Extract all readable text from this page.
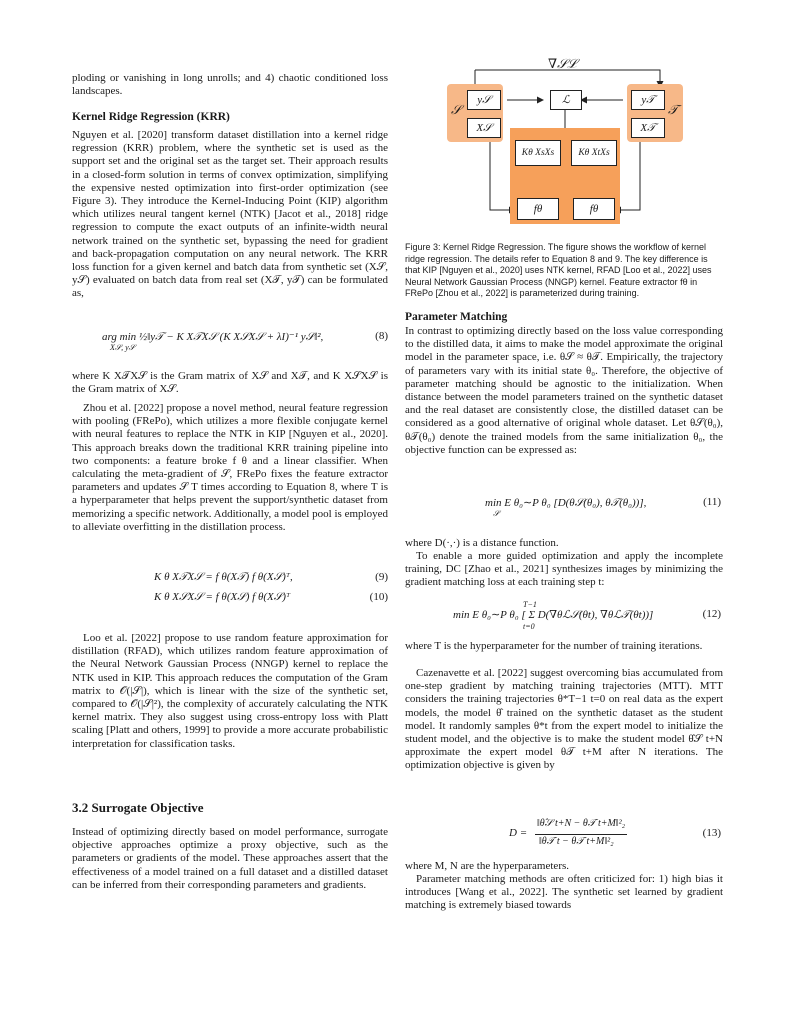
ploding or vanishing in long unrolls; and 4) chaotic conditioned loss landscapes.

Kernel Ridge Regression (KRR)

Nguyen et al. [2020] transform dataset distillation into a kernel ridge regression (KRR) problem, where the synthetic set is used as the support set and the original set as the target set. Their approach results in a closed-form solution in terms of convex optimization, simplifying the expensive nested optimization into first-order optimization (see Figure 3). They introduce the Kernel-Inducing Point (KIP) algorithm which utilizes neural tangent kernel (NTK) [Jacot et al., 2018] ridge regression to compute the exact outputs of an infinite-width neural network trained on the synthetic set, bypassing the need for gradient and back-propagation computation on any neural network. The KRR loss function for a given kernel and batch data from synthetic set (X𝒮, y𝒮) evaluated on batch data from real set (X𝒯, y𝒯) can be formulated as,

arg min ½‖y𝒯 − K X𝒯X𝒮 (K X𝒮X𝒮 + λI)⁻¹ y𝒮‖²,
X𝒮, y𝒮
(8)

where K X𝒯X𝒮 is the Gram matrix of X𝒮 and X𝒯, and K X𝒮X𝒮 is the Gram matrix of X𝒮.

Zhou et al. [2022] propose a novel method, neural feature regression with pooling (FRePo), which utilizes a more flexible conjugate kernel with neural features to replace the NTK in KIP [Nguyen et al., 2020]. This approach breaks down the traditional KRR training pipeline into two components: a feature broke f θ and a linear classifier. When calculating the meta-gradient of 𝒮, FRePo fixes the feature extractor parameters and updates 𝒮 T times according to Equation 8, where T is a hyperparameter that helps prevent the support/synthetic dataset from memorizing a specific network. Additionally, a model pool is employed to alleviate overfitting in the distillation process.

K θ X𝒯X𝒮 = f θ(X𝒯) f θ(X𝒮)ᵀ,	(9)
K θ X𝒮X𝒮 = f θ(X𝒮) f θ(X𝒮)ᵀ	(10)

Loo et al. [2022] propose to use random feature approximation for distillation (RFAD), which utilizes random feature approximation of the Neural Network Gaussian Process (NNGP) kernel to replace the NTK used in KIP. This approach reduces the computation of the Gram matrix to 𝒪(|𝒮|), which is linear with the size of the synthetic set, compared to 𝒪(|𝒮|²), the complexity of accurately calculating the NTK kernel matrix. They also suggest using cross-entropy loss with Platt scaling [Platt and others, 1999] to provide a more accurate probabilistic interpretation for classification tasks.

3.2 Surrogate Objective

Instead of optimizing directly based on model performance, surrogate objective approaches optimize a proxy objective, such as the parameters or gradients of the model. These approaches assert that the effectiveness of a model trained on a full dataset and a distilled dataset can be inferred from their corresponding parameters and gradients.

∇𝒮ℒ
y𝒮
X𝒮
y𝒯
X𝒯
𝒮	𝒯
ℒ
Kθ XsXs	Kθ XtXs
fθ	fθ

Figure 3: Kernel Ridge Regression. The figure shows the workflow of kernel ridge regression. The details refer to Equation 8 and 9. The key difference is that KIP [Nguyen et al., 2020] uses NTK kernel, RFAD [Loo et al., 2022] uses Neural Network Gaussian Process (NNGP) kernel. Feature extractor fθ in FRePo [Zhou et al., 2022] is parameterized during training.

Parameter Matching

In contrast to optimizing directly based on the loss value corresponding to the distilled data, it aims to make the model approximate the original model in the parameter space, i.e. θ𝒮 ≈ θ𝒯. Empirically, the trajectory of parameters vary with its initial state θ₀. Therefore, the objective of parameter matching should be agnostic to the initialization. When distance between the model parameters trained on the synthetic dataset and the real dataset are consistently close, the distilled dataset can be considered as a good alternative of original whole dataset. Let θ𝒮(θ₀), θ𝒯(θ₀) denote the trained models from the same initialization θ₀, the objective function can be expressed as:

min E θ₀∼P θ₀ [D(θ𝒮(θ₀), θ𝒯(θ₀))],
𝒮
(11)

where D(·,·) is a distance function.

To enable a more guided optimization and apply the incomplete training, DC [Zhao et al., 2021] synthesizes images by minimizing the gradient matching loss at each training step t:

T−1
min E θ₀∼P θ₀ [ Σ D(∇θℒ𝒮(θt), ∇θℒ𝒯(θt))]
t=0
(12)

where T is the hyperparameter for the number of training iterations.

Cazenavette et al. [2022] suggest overcoming bias accumulated from one-step gradient by matching training trajectories (MTT). MTT considers the training trajectories θ*T−1 t=0 on real data as the expert models, the model θ̂ trained on the synthetic dataset as the student model. It randomly samples θ*t from the expert model to initialize the student model, and the objective is to make the student model θ̂𝒮 t+N approximate the expert model θ𝒯 t+M after N iterations. The optimization objective is given by

D =
‖θ̂𝒮 t+N − θ𝒯 t+M‖²₂
‖θ𝒯 t − θ𝒯 t+M‖²₂
(13)

where M, N are the hyperparameters.

Parameter matching methods are often criticized for: 1) high bias it introduces [Wang et al., 2022]. The synthetic set learned by gradient matching is extremely biased towards
